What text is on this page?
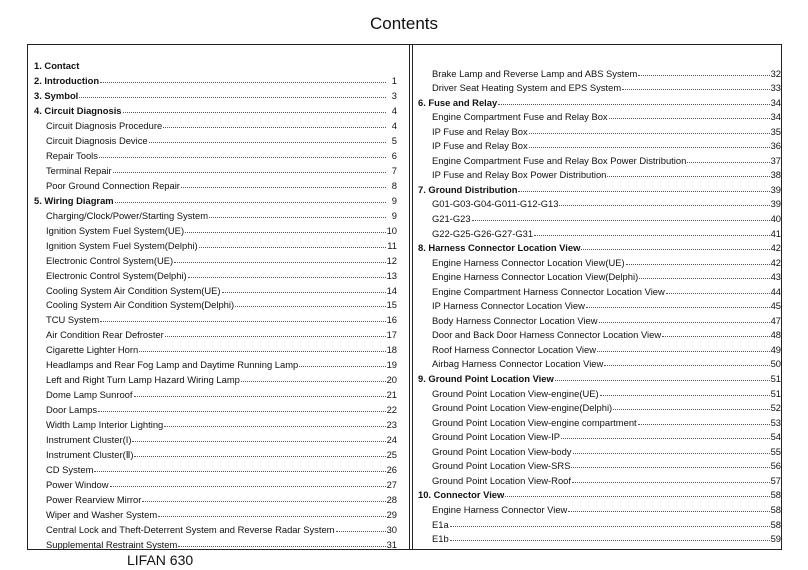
Contents
1. Contact
2. Introduction	1
3. Symbol	3
4. Circuit Diagnosis	4
Circuit Diagnosis Procedure	4
Circuit Diagnosis Device	5
Repair Tools	6
Terminal Repair	7
Poor Ground Connection Repair	8
5. Wiring Diagram	9
Charging/Clock/Power/Starting System	9
Ignition System Fuel System(UE)	10
Ignition System Fuel System(Delphi)	11
Electronic Control System(UE)	12
Electronic Control System(Delphi)	13
Cooling System Air Condition System(UE)	14
Cooling System Air Condition System(Delphi)	15
TCU System	16
Air Condition Rear Defroster	17
Cigarette Lighter Horn	18
Headlamps and Rear Fog Lamp and Daytime Running Lamp	19
Left and Right Turn Lamp Hazard Wiring Lamp	20
Dome Lamp Sunroof	21
Door Lamps	22
Width Lamp Interior Lighting	23
Instrument Cluster(I)	24
Instrument Cluster(Ⅱ)	25
CD System	26
Power Window	27
Power Rearview Mirror	28
Wiper and Washer System	29
Central Lock and Theft-Deterrent System and Reverse Radar System	30
Supplemental Restraint System	31
Brake Lamp and Reverse Lamp and ABS System	32
Driver Seat Heating System and EPS System	33
6. Fuse and Relay	34
Engine Compartment Fuse and Relay Box	34
IP Fuse and Relay Box	35
IP Fuse and Relay Box	36
Engine Compartment Fuse and Relay Box Power Distribution	37
IP Fuse and Relay Box Power Distribution	38
7. Ground Distribution	39
G01-G03-G04-G011-G12-G13	39
G21-G23	40
G22-G25-G26-G27-G31	41
8. Harness Connector Location View	42
Engine Harness Connector Location View(UE)	42
Engine Harness Connector Location View(Delphi)	43
Engine Compartment Harness Connector Location View	44
IP Harness Connector Location View	45
Body Harness Connector Location View	47
Door and Back Door Harness Connector Location View	48
Roof Harness Connector Location View	49
Airbag Harness Connector Location View	50
9. Ground Point Location View	51
Ground Point Location View-engine(UE)	51
Ground Point Location View-engine(Delphi)	52
Ground Point Location View-engine compartment	53
Ground Point Location View-IP	54
Ground Point Location View-body	55
Ground Point Location View-SRS	56
Ground Point Location View-Roof	57
10. Connector View	58
Engine Harness Connector View	58
E1a	58
E1b	59
LIFAN 630
